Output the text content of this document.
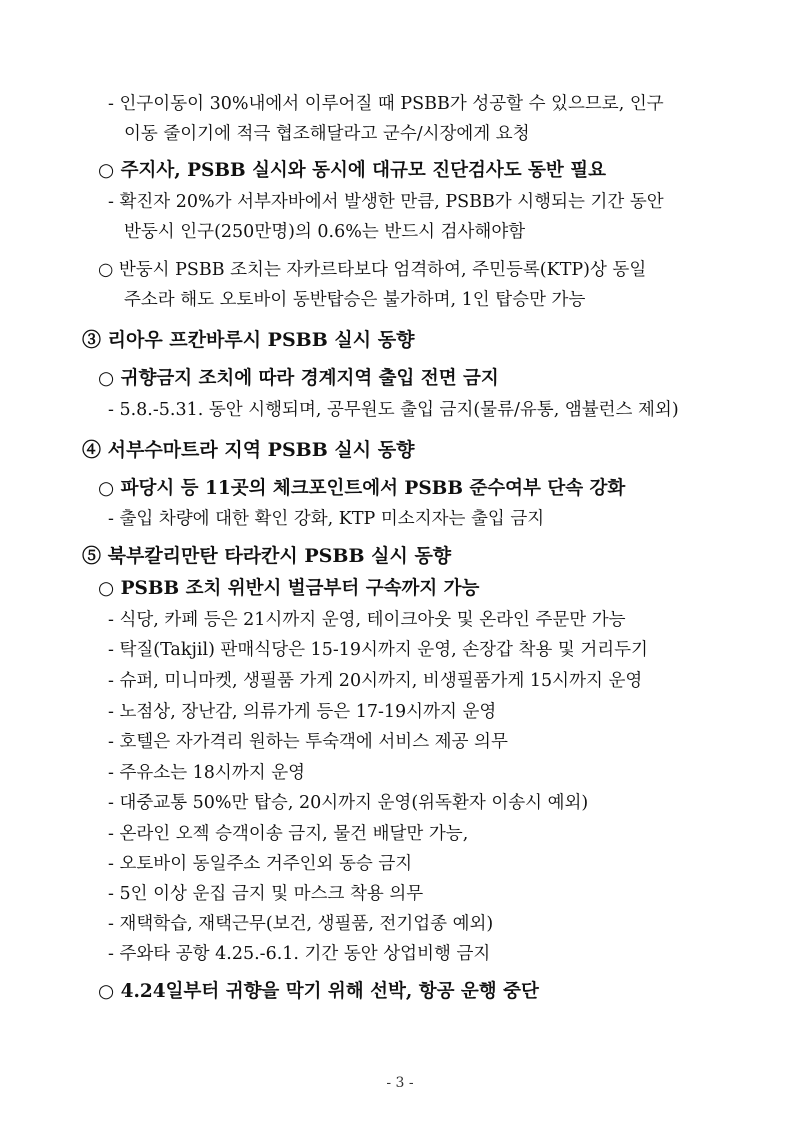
- 인구이동이 30%내에서 이루어질 때 PSBB가 성공할 수 있으므로, 인구
이동 줄이기에 적극 협조해달라고 군수/시장에게 요청
○ 주지사, PSBB 실시와 동시에 대규모 진단검사도 동반 필요
- 확진자 20%가 서부자바에서 발생한 만큼, PSBB가 시행되는 기간 동안
반둥시 인구(250만명)의 0.6%는 반드시 검사해야함
○ 반둥시 PSBB 조치는 자카르타보다 엄격하여, 주민등록(KTP)상 동일
주소라 해도 오토바이 동반탑승은 불가하며, 1인 탑승만 가능
③ 리아우 프칸바루시 PSBB 실시 동향
○ 귀향금지 조치에 따라 경계지역 출입 전면 금지
- 5.8.-5.31. 동안 시행되며, 공무원도 출입 금지(물류/유통, 앰뷸런스 제외)
④ 서부수마트라 지역 PSBB 실시 동향
○ 파당시 등 11곳의 체크포인트에서 PSBB 준수여부 단속 강화
- 출입 차량에 대한 확인 강화, KTP 미소지자는 출입 금지
⑤ 북부칼리만탄 타라칸시 PSBB 실시 동향
○ PSBB 조치 위반시 벌금부터 구속까지 가능
- 식당, 카페 등은 21시까지 운영, 테이크아웃 및 온라인 주문만 가능
- 탁질(Takjil) 판매식당은 15-19시까지 운영, 손장갑 착용 및 거리두기
- 슈퍼, 미니마켓, 생필품 가게 20시까지, 비생필품가게 15시까지 운영
- 노점상, 장난감, 의류가게 등은 17-19시까지 운영
- 호텔은 자가격리 원하는 투숙객에 서비스 제공 의무
- 주유소는 18시까지 운영
- 대중교통 50%만 탑승, 20시까지 운영(위독환자 이송시 예외)
- 온라인 오젝 승객이송 금지, 물건 배달만 가능,
- 오토바이 동일주소 거주인외 동승 금지
- 5인 이상 운집 금지 및 마스크 착용 의무
- 재택학습, 재택근무(보건, 생필품, 전기업종 예외)
- 주와타 공항 4.25.-6.1. 기간 동안 상업비행 금지
○ 4.24일부터 귀향을 막기 위해 선박, 항공 운행 중단
- 3 -
